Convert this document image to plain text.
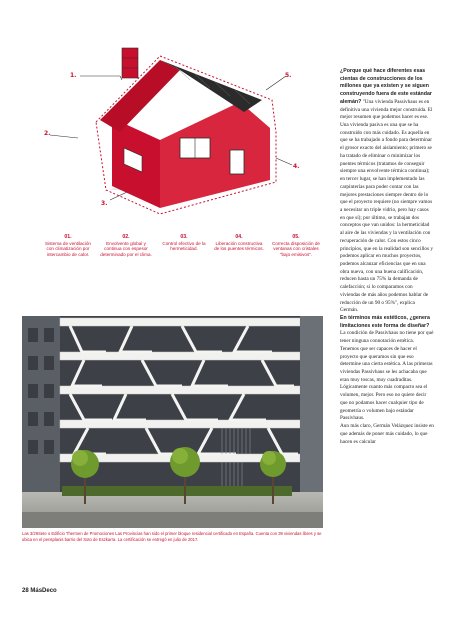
1.
2.
3.
4.
5.
01.
Sistema de ventilación con climatización por intercambio de calor.
02.
Envolvente global y continua con espesor determinado por el clima.
03.
Control efectivo de la hermeticidad.
04.
Liberación constructiva de los puentes térmicos.
05.
Correcta disposición de ventanas con cristales "bajo emisivos".
Las 3/29Sete o Edificio Thermen de Promociones Las Provincias han sido el primer bloque residencial certificado en España. Cuenta con 39 viviendas libres y se ubica en el pensplanis barrio del Soto de Eszkarra. La certificación se entregó en julio de 2017.

¿Porque qué hace diferentes esas cientas de construcciones de los millones que ya existen y se siguen construyendo fuera de este estándar alemán? "Una vivienda Passivhaus es en definitiva una vivienda mejor construida. El mejor resumen que podemos hacer es ese. Una vivienda pasiva es una que se ha construido con más cuidado. Es aquella en que se ha trabajado a fondo para determinar el grosor exacto del aislamiento; primero se ha tratado de eliminar o minimizar los puentes térmicos (tratamos de conseguir siempre una envolvente térmica continua); en tercer lugar, se han implementado las carpinterías para poder contar con las mejores prestaciones siempre dentro de lo que el proyecto requiere (no siempre vamos a necesitar un triple vidrio, pero hay casos en que sí); por último, se trabajan dos conceptos que van unidos: la hermeticidad al aire de las viviendas y la ventilación con recuperación de calor. Con estos cinco principios, que en la realidad son sencillos y podemos aplicar en muchos proyectos, podemos alcanzar eficiencias que en una obra nueva, con una buena calificación, reducen hasta un 75% la demanda de calefacción; si lo comparamos con viviendas de más años podemos hablar de reducción de un 90 o 95%", explica Germán.

En términos más estéticos, ¿genera limitaciones este forma de diseñar? La condición de Passivhaus no tiene por qué tener ninguna connotación estética. Tenemos que ser capaces de hacer el proyecto que queramos sin que eso determine una cierta estética. A las primeras viviendas Passivhaus se les achacaba que eran muy toscas, muy cuadraditas. Lógicamente cuanto más compacto sea el volumen, mejor. Pero eso no quiere decir que no podamos hacer cualquier tipo de geometría o volumen bajo estándar Passivhaus.

Aun más claro, Germán Velázquez insiste en que además de poner más cuidado, lo que hacen es calcular

28 MásDeco
